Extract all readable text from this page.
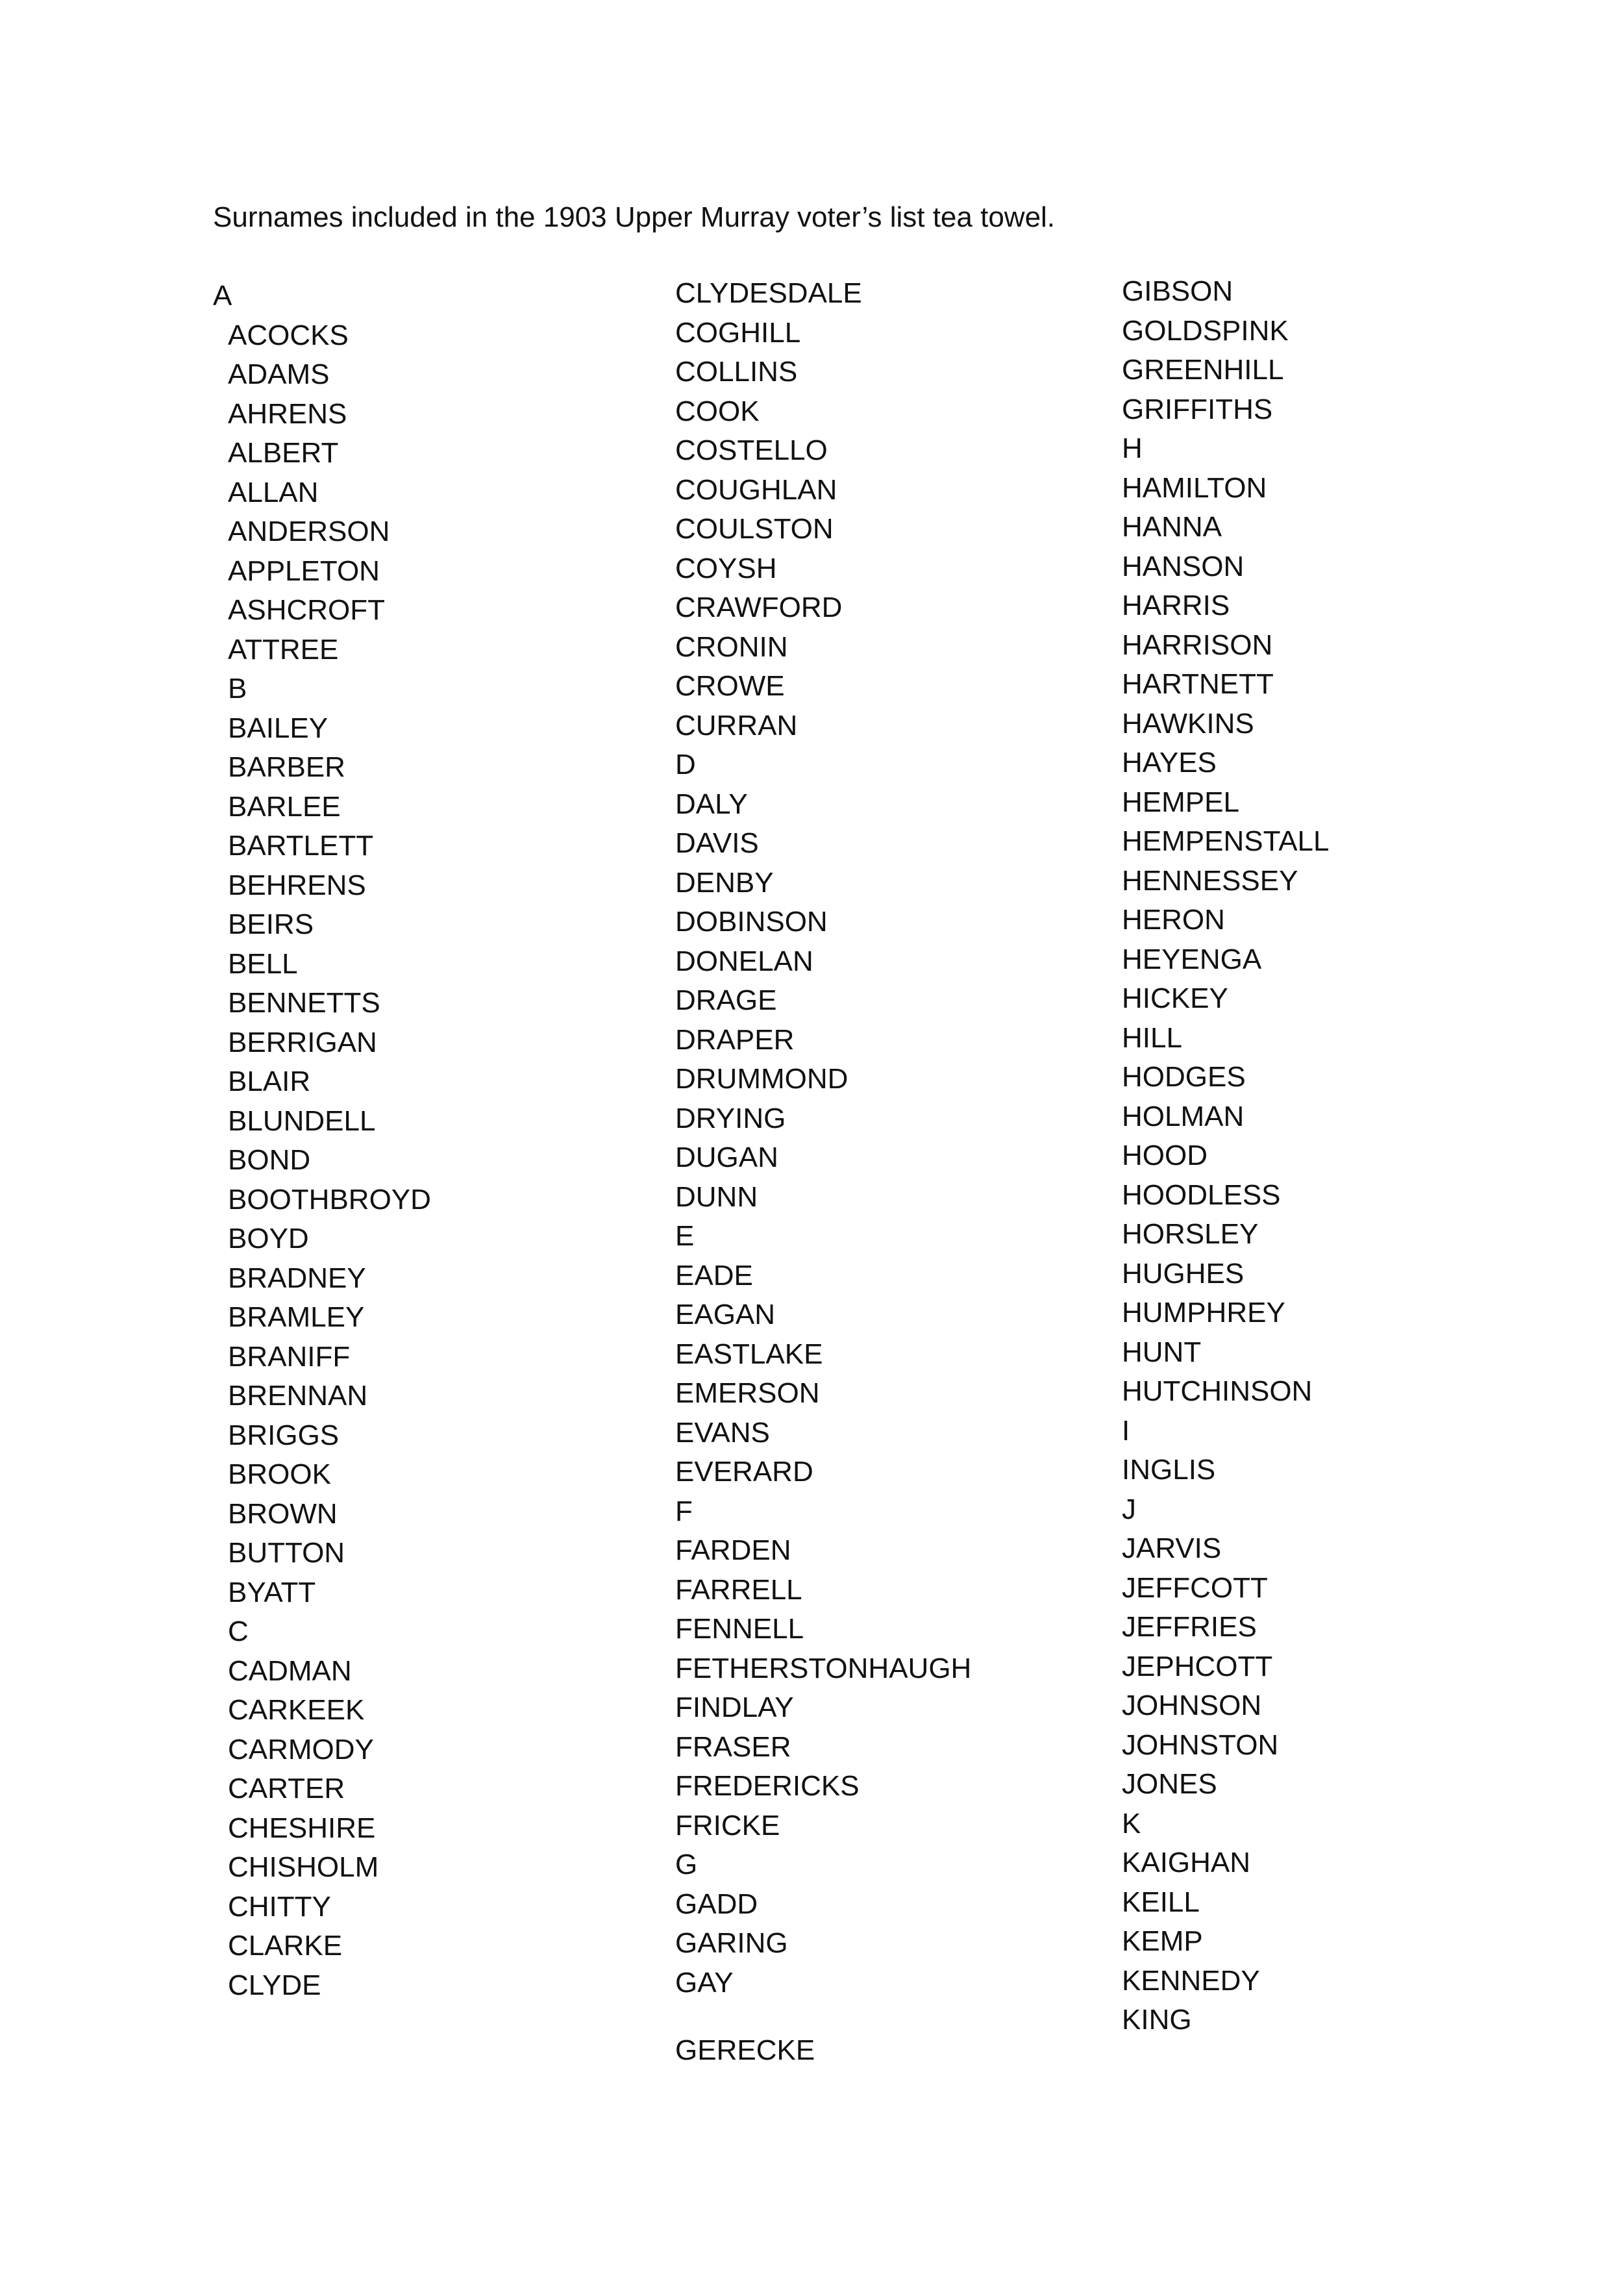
Surnames included in the 1903 Upper Murray voter’s list tea towel.
A
ACOCKS
ADAMS
AHRENS
ALBERT
ALLAN
ANDERSON
APPLETON
ASHCROFT
ATTREE
B
BAILEY
BARBER
BARLEE
BARTLETT
BEHRENS
BEIRS
BELL
BENNETTS
BERRIGAN
BLAIR
BLUNDELL
BOND
BOOTHBROYD
BOYD
BRADNEY
BRAMLEY
BRANIFF
BRENNAN
BRIGGS
BROOK
BROWN
BUTTON
BYATT
C
CADMAN
CARKEEK
CARMODY
CARTER
CHESHIRE
CHISHOLM
CHITTY
CLARKE
CLYDE
CLYDESDALE
COGHILL
COLLINS
COOK
COSTELLO
COUGHLAN
COULSTON
COYSH
CRAWFORD
CRONIN
CROWE
CURRAN
D
DALY
DAVIS
DENBY
DOBINSON
DONELAN
DRAGE
DRAPER
DRUMMOND
DRYING
DUGAN
DUNN
E
EADE
EAGAN
EASTLAKE
EMERSON
EVANS
EVERARD
F
FARDEN
FARRELL
FENNELL
FETHERSTONHAUGH
FINDLAY
FRASER
FREDERICKS
FRICKE
G
GADD
GARING
GAY
GIBSON
GOLDSPINK
GREENHILL
GRIFFITHS
H
HAMILTON
HANNA
HANSON
HARRIS
HARRISON
HARTNETT
HAWKINS
HAYES
HEMPEL
HEMPENSTALL
HENNESSEY
HERON
HEYENGA
HICKEY
HILL
HODGES
HOLMAN
HOOD
HOODLESS
HORSLEY
HUGHES
HUMPHREY
HUNT
HUTCHINSON
I
INGLIS
J
JARVIS
JEFFCOTT
JEFFRIES
JEPHCOTT
JOHNSON
JOHNSTON
JONES
K
KAIGHAN
KEILL
KEMP
KENNEDY
KING
GERECKE
